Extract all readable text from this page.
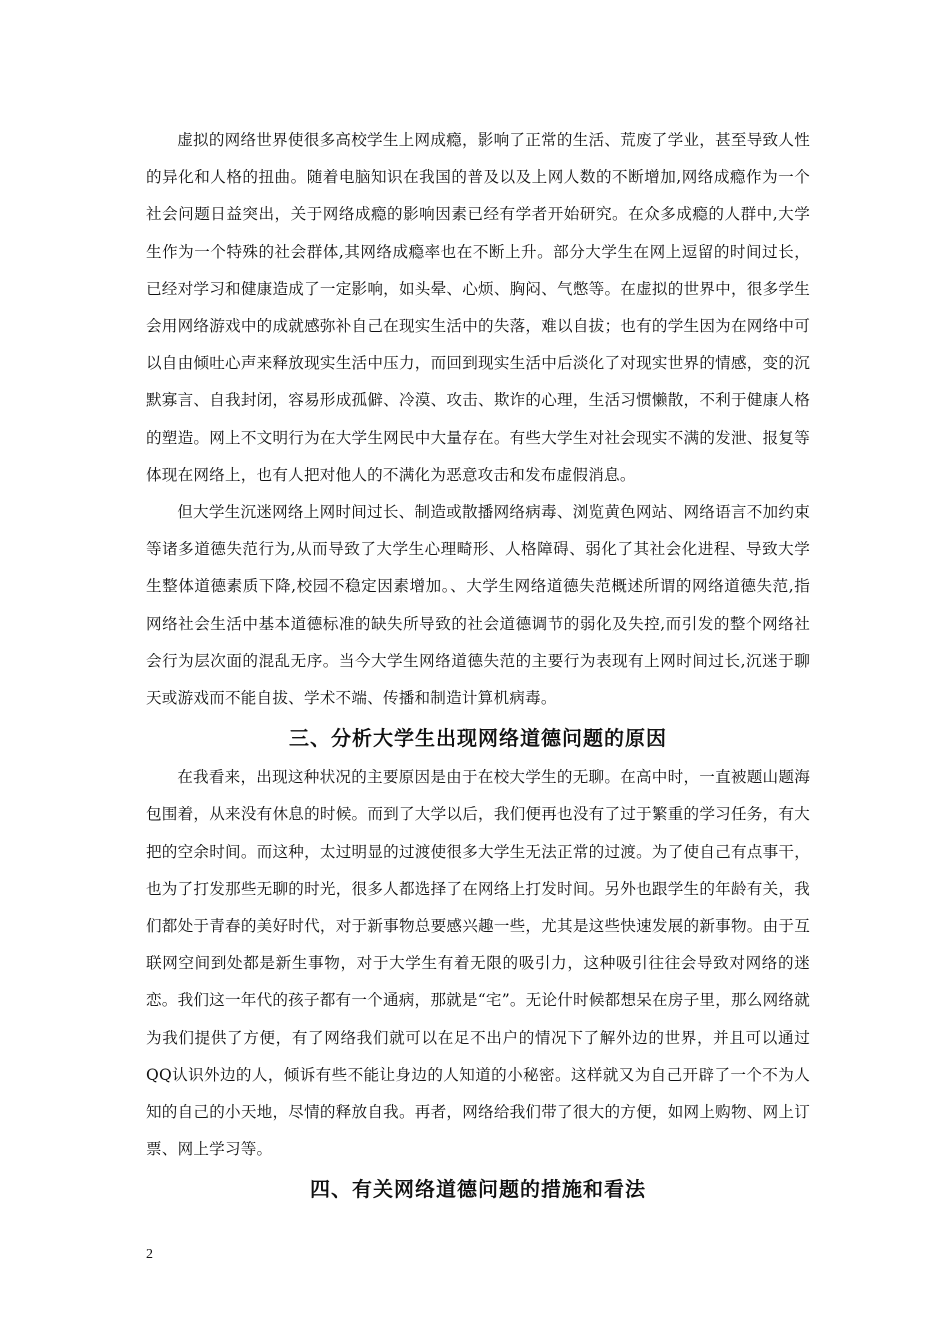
虚拟的网络世界使很多高校学生上网成瘾，影响了正常的生活、荒废了学业，甚至导致人性的异化和人格的扭曲。随着电脑知识在我国的普及以及上网人数的不断增加,网络成瘾作为一个社会问题日益突出，关于网络成瘾的影响因素已经有学者开始研究。在众多成瘾的人群中,大学生作为一个特殊的社会群体,其网络成瘾率也在不断上升。部分大学生在网上逗留的时间过长，已经对学习和健康造成了一定影响，如头晕、心烦、胸闷、气憋等。在虚拟的世界中，很多学生会用网络游戏中的成就感弥补自己在现实生活中的失落，难以自拔；也有的学生因为在网络中可以自由倾吐心声来释放现实生活中压力，而回到现实生活中后淡化了对现实世界的情感，变的沉默寡言、自我封闭，容易形成孤僻、冷漠、攻击、欺诈的心理，生活习惯懒散，不利于健康人格的塑造。网上不文明行为在大学生网民中大量存在。有些大学生对社会现实不满的发泄、报复等体现在网络上，也有人把对他人的不满化为恶意攻击和发布虚假消息。

但大学生沉迷网络上网时间过长、制造或散播网络病毒、浏览黄色网站、网络语言不加约束等诸多道德失范行为,从而导致了大学生心理畸形、人格障碍、弱化了其社会化进程、导致大学生整体道德素质下降,校园不稳定因素增加。、大学生网络道德失范概述所谓的网络道德失范,指网络社会生活中基本道德标准的缺失所导致的社会道德调节的弱化及失控,而引发的整个网络社会行为层次面的混乱无序。当今大学生网络道德失范的主要行为表现有上网时间过长,沉迷于聊天或游戏而不能自拔、学术不端、传播和制造计算机病毒。

三、分析大学生出现网络道德问题的原因

在我看来，出现这种状况的主要原因是由于在校大学生的无聊。在高中时，一直被题山题海包围着，从来没有休息的时候。而到了大学以后，我们便再也没有了过于繁重的学习任务，有大把的空余时间。而这种，太过明显的过渡使很多大学生无法正常的过渡。为了使自己有点事干，也为了打发那些无聊的时光，很多人都选择了在网络上打发时间。另外也跟学生的年龄有关，我们都处于青春的美好时代，对于新事物总要感兴趣一些，尤其是这些快速发展的新事物。由于互联网空间到处都是新生事物，对于大学生有着无限的吸引力，这种吸引往往会导致对网络的迷恋。我们这一年代的孩子都有一个通病，那就是“宅”。无论什时候都想呆在房子里，那么网络就为我们提供了方便，有了网络我们就可以在足不出户的情况下了解外边的世界，并且可以通过QQ认识外边的人，倾诉有些不能让身边的人知道的小秘密。这样就又为自己开辟了一个不为人知的自己的小天地，尽情的释放自我。再者，网络给我们带了很大的方便，如网上购物、网上订票、网上学习等。

四、有关网络道德问题的措施和看法
2
